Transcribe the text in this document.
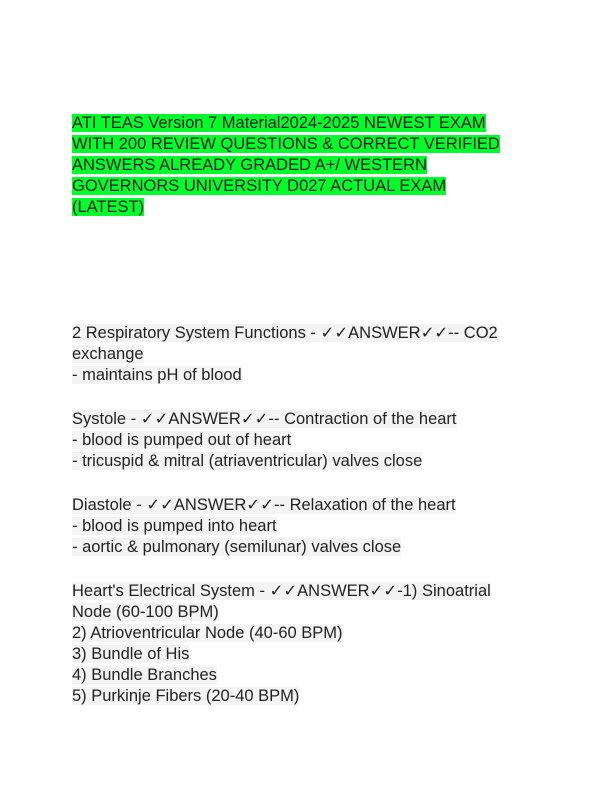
ATI TEAS Version 7 Material2024-2025 NEWEST EXAM
WITH 200 REVIEW QUESTIONS & CORRECT VERIFIED
ANSWERS ALREADY GRADED A+/ WESTERN
GOVERNORS UNIVERSITY D027 ACTUAL EXAM
(LATEST)
2 Respiratory System Functions - ✓✓ANSWER✓✓-- CO2
exchange
- maintains pH of blood
Systole - ✓✓ANSWER✓✓-- Contraction of the heart
- blood is pumped out of heart
- tricuspid & mitral (atriaventricular) valves close
Diastole - ✓✓ANSWER✓✓-- Relaxation of the heart
- blood is pumped into heart
- aortic & pulmonary (semilunar) valves close
Heart's Electrical System - ✓✓ANSWER✓✓-1) Sinoatrial
Node (60-100 BPM)
2) Atrioventricular Node (40-60 BPM)
3) Bundle of His
4) Bundle Branches
5) Purkinje Fibers (20-40 BPM)
